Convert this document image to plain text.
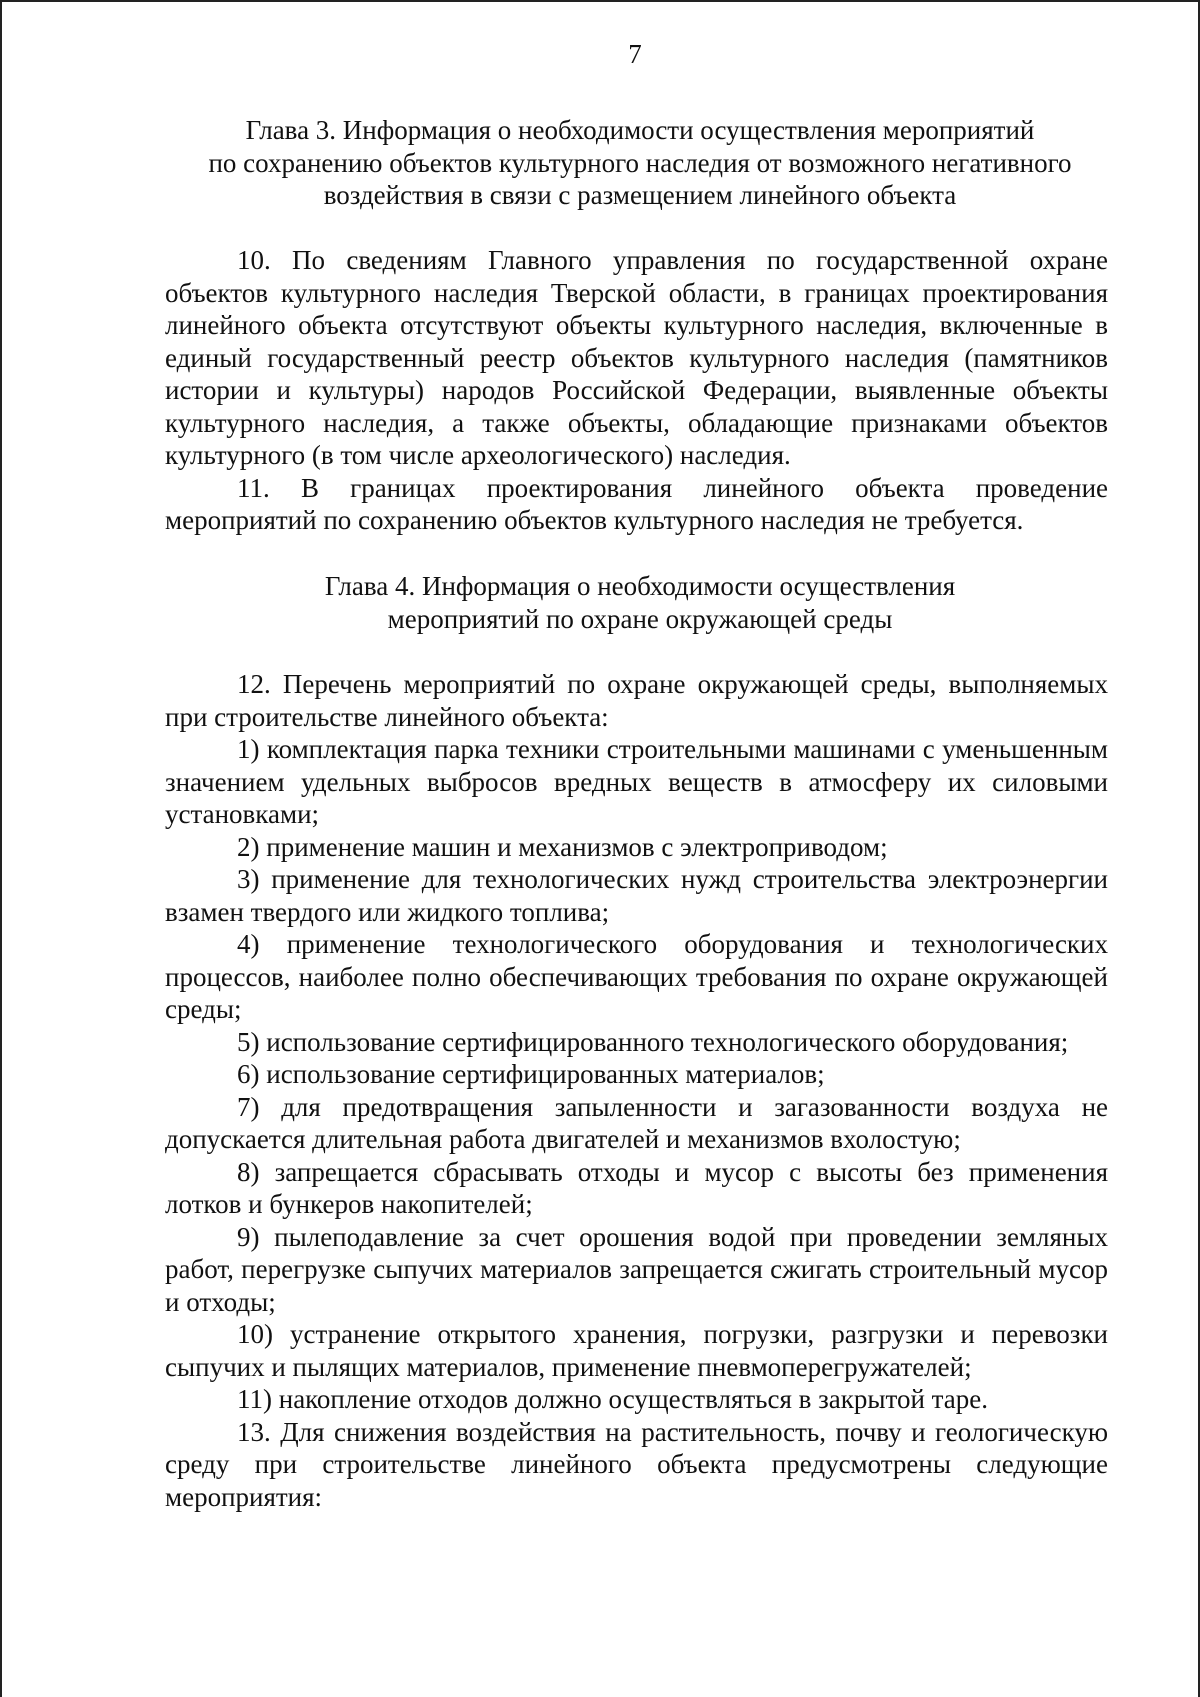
7
Глава 3. Информация о необходимости осуществления мероприятий
по сохранению объектов культурного наследия от возможного негативного
воздействия в связи с размещением линейного объекта

10. По сведениям Главного управления по государственной охране объектов культурного наследия Тверской области, в границах проектирования линейного объекта отсутствуют объекты культурного наследия, включенные в единый государственный реестр объектов культурного наследия (памятников истории и культуры) народов Российской Федерации, выявленные объекты культурного наследия, а также объекты, обладающие признаками объектов культурного (в том числе археологического) наследия.

11. В границах проектирования линейного объекта проведение мероприятий по сохранению объектов культурного наследия не требуется.

Глава 4. Информация о необходимости осуществления
мероприятий по охране окружающей среды

12. Перечень мероприятий по охране окружающей среды, выполняемых при строительстве линейного объекта:

1) комплектация парка техники строительными машинами с уменьшенным значением удельных выбросов вредных веществ в атмосферу их силовыми установками;

2) применение машин и механизмов с электроприводом;

3) применение для технологических нужд строительства электроэнергии взамен твердого или жидкого топлива;

4) применение технологического оборудования и технологических процессов, наиболее полно обеспечивающих требования по охране окружающей среды;

5) использование сертифицированного технологического оборудования;

6) использование сертифицированных материалов;

7) для предотвращения запыленности и загазованности воздуха не допускается длительная работа двигателей и механизмов вхолостую;

8) запрещается сбрасывать отходы и мусор с высоты без применения лотков и бункеров накопителей;

9) пылеподавление за счет орошения водой при проведении земляных работ, перегрузке сыпучих материалов запрещается сжигать строительный мусор и отходы;

10) устранение открытого хранения, погрузки, разгрузки и перевозки сыпучих и пылящих материалов, применение пневмоперегружателей;

11) накопление отходов должно осуществляться в закрытой таре.

13. Для снижения воздействия на растительность, почву и геологическую среду при строительстве линейного объекта предусмотрены следующие мероприятия:
